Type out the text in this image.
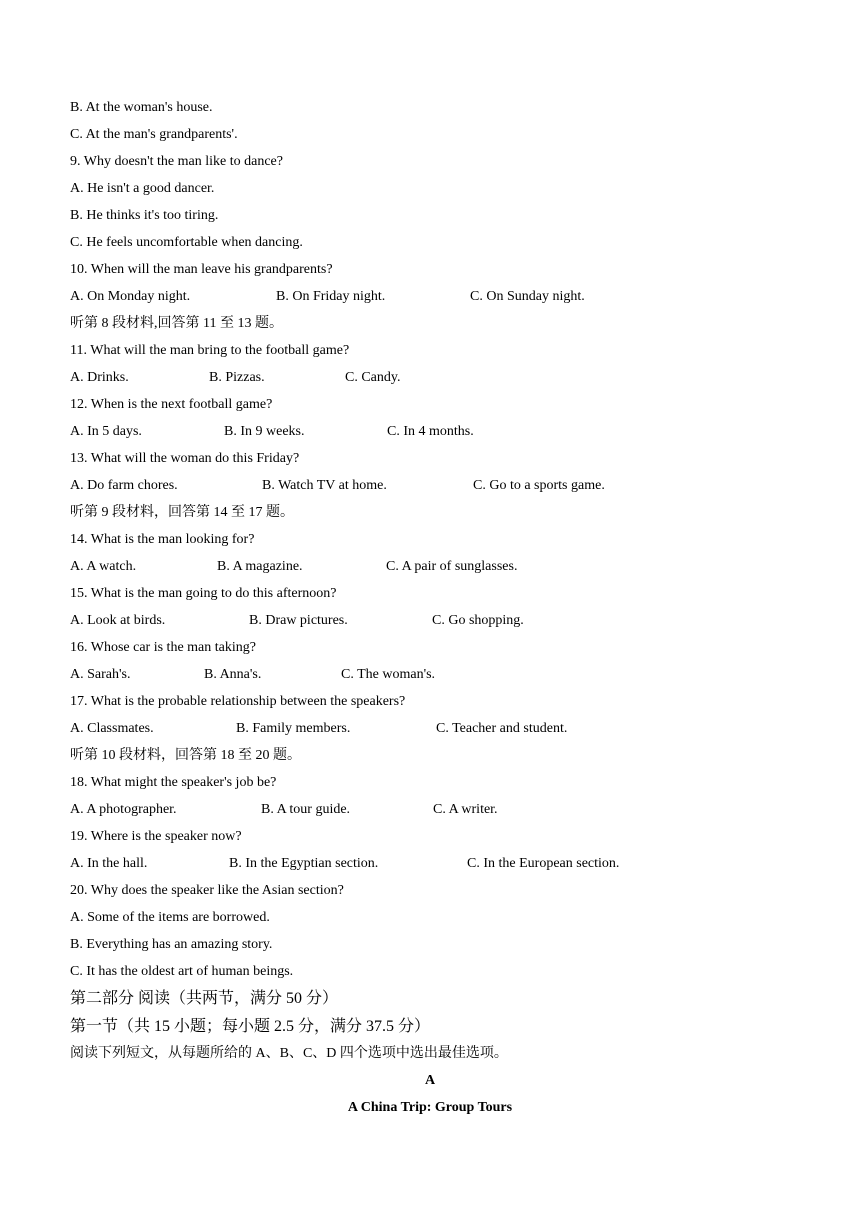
B. At the woman's house.
C. At the man's grandparents'.
9. Why doesn't the man like to dance?
A. He isn't a good dancer.
B. He thinks it's too tiring.
C. He feels uncomfortable when dancing.
10. When will the man leave his grandparents?
A. On Monday night.	B. On Friday night.	C. On Sunday night.
听第 8 段材料,回答第 11 至 13 题。
11. What will the man bring to the football game?
A. Drinks.	B. Pizzas.	C. Candy.
12. When is the next football game?
A. In 5 days.	B. In 9 weeks.	C. In 4 months.
13. What will the woman do this Friday?
A. Do farm chores.	B. Watch TV at home.	C. Go to a sports game.
听第 9 段材料，回答第 14 至 17 题。
14. What is the man looking for?
A. A watch.	B. A magazine.	C. A pair of sunglasses.
15. What is the man going to do this afternoon?
A. Look at birds.	B. Draw pictures.	C. Go shopping.
16. Whose car is the man taking?
A. Sarah's.	B. Anna's.	C. The woman's.
17. What is the probable relationship between the speakers?
A. Classmates.	B. Family members.	C. Teacher and student.
听第 10 段材料，回答第 18 至 20 题。
18. What might the speaker's job be?
A. A photographer.	B. A tour guide.	C. A writer.
19. Where is the speaker now?
A. In the hall.	B. In the Egyptian section.	C. In the European section.
20. Why does the speaker like the Asian section?
A. Some of the items are borrowed.
B. Everything has an amazing story.
C. It has the oldest art of human beings.
第二部分 阅读（共两节，满分 50 分）
第一节（共 15 小题；每小题 2.5 分，满分 37.5 分）
阅读下列短文，从每题所给的 A、B、C、D 四个选项中选出最佳选项。
A
A China Trip: Group Tours
